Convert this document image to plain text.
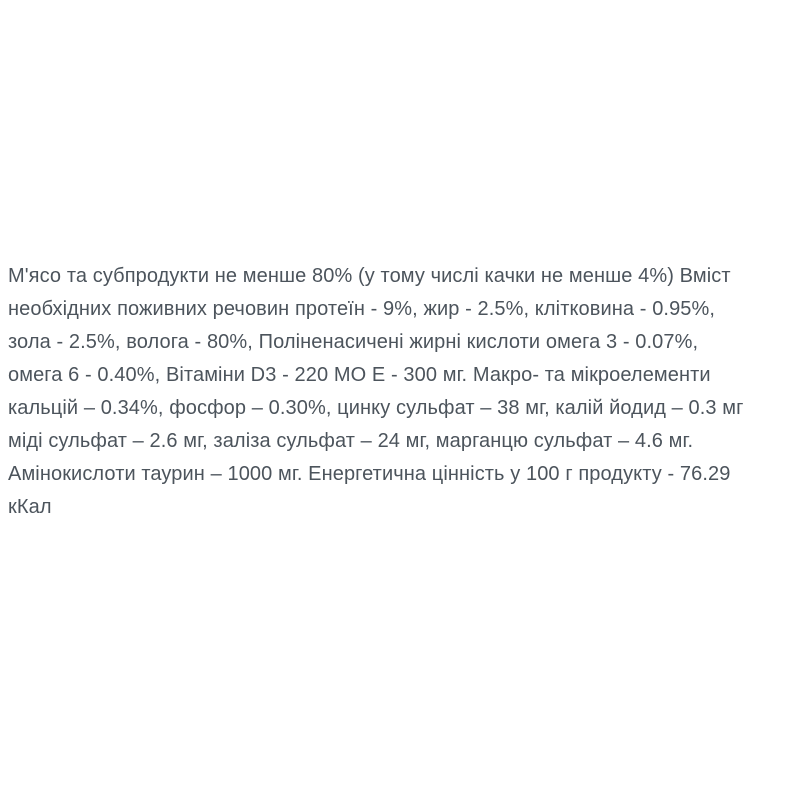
М'ясо та субпродукти не менше 80% (у тому числі качки не менше 4%) Вміст
необхідних поживних речовин протеїн - 9%, жир - 2.5%, клітковина - 0.95%,
зола - 2.5%, волога - 80%, Поліненасичені жирні кислоти омега 3 - 0.07%,
омега 6 - 0.40%, Вітаміни D3 - 220 МО Е - 300 мг. Макро- та мікроелементи
кальцій – 0.34%, фосфор – 0.30%, цинку сульфат – 38 мг, калій йодид – 0.3 мг
міді сульфат – 2.6 мг, заліза сульфат – 24 мг, марганцю сульфат – 4.6 мг.
Амінокислоти таурин – 1000 мг. Енергетична цінність у 100 г продукту - 76.29
кКал
